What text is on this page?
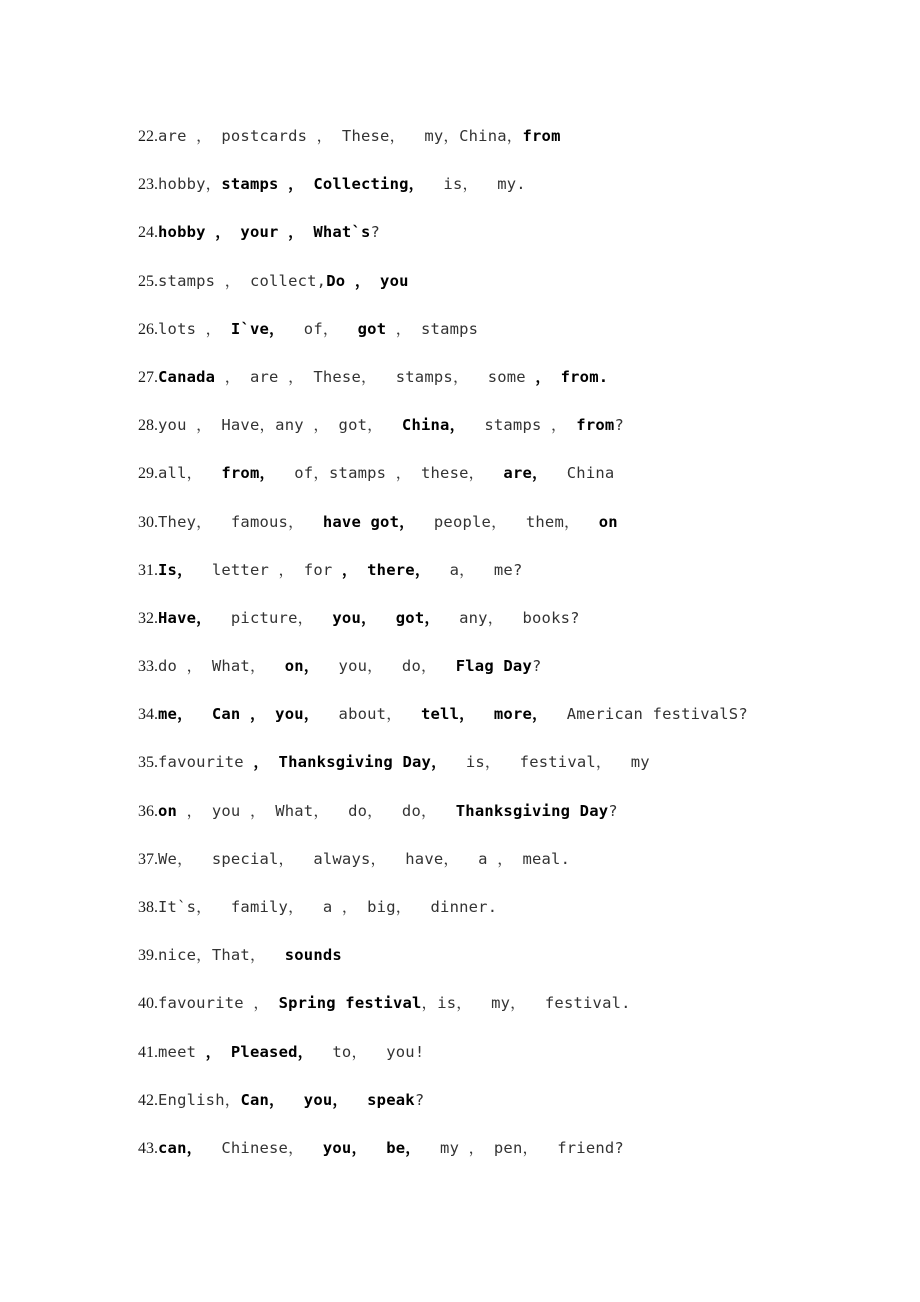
22.are ， postcards ， These，  my，China，from
23.hobby，stamps ， Collecting，  is，  my.
24.hobby ， your ， What`s?
25.stamps ， collect,Do ， you
26.lots ， I`ve，  of，  got ， stamps
27.Canada ， are ， These，  stamps，  some ， from.
28.you ， Have，any ， got，  China，  stamps ， from?
29.all，  from，  of，stamps ， these，  are，  China
30.They，  famous，  have got，  people，  them，  on
31.Is，  letter ， for ， there，  a，  me?
32.Have，  picture，  you，  got，  any，  books?
33.do ， What，  on，  you，  do，  Flag Day?
34.me，  Can ， you，  about，  tell，  more，  American festivalS?
35.favourite ， Thanksgiving Day，  is，  festival，  my
36.on ， you ， What，  do，  do，  Thanksgiving Day?
37.We，  special，  always，  have，  a ， meal.
38.It`s，  family，  a ， big，  dinner.
39.nice，That，  sounds
40.favourite ， Spring festival，is，  my，  festival.
41.meet ， Pleased，  to，  you!
42.English，Can，  you，  speak?
43.can，  Chinese，  you，  be，  my ， pen，  friend?
